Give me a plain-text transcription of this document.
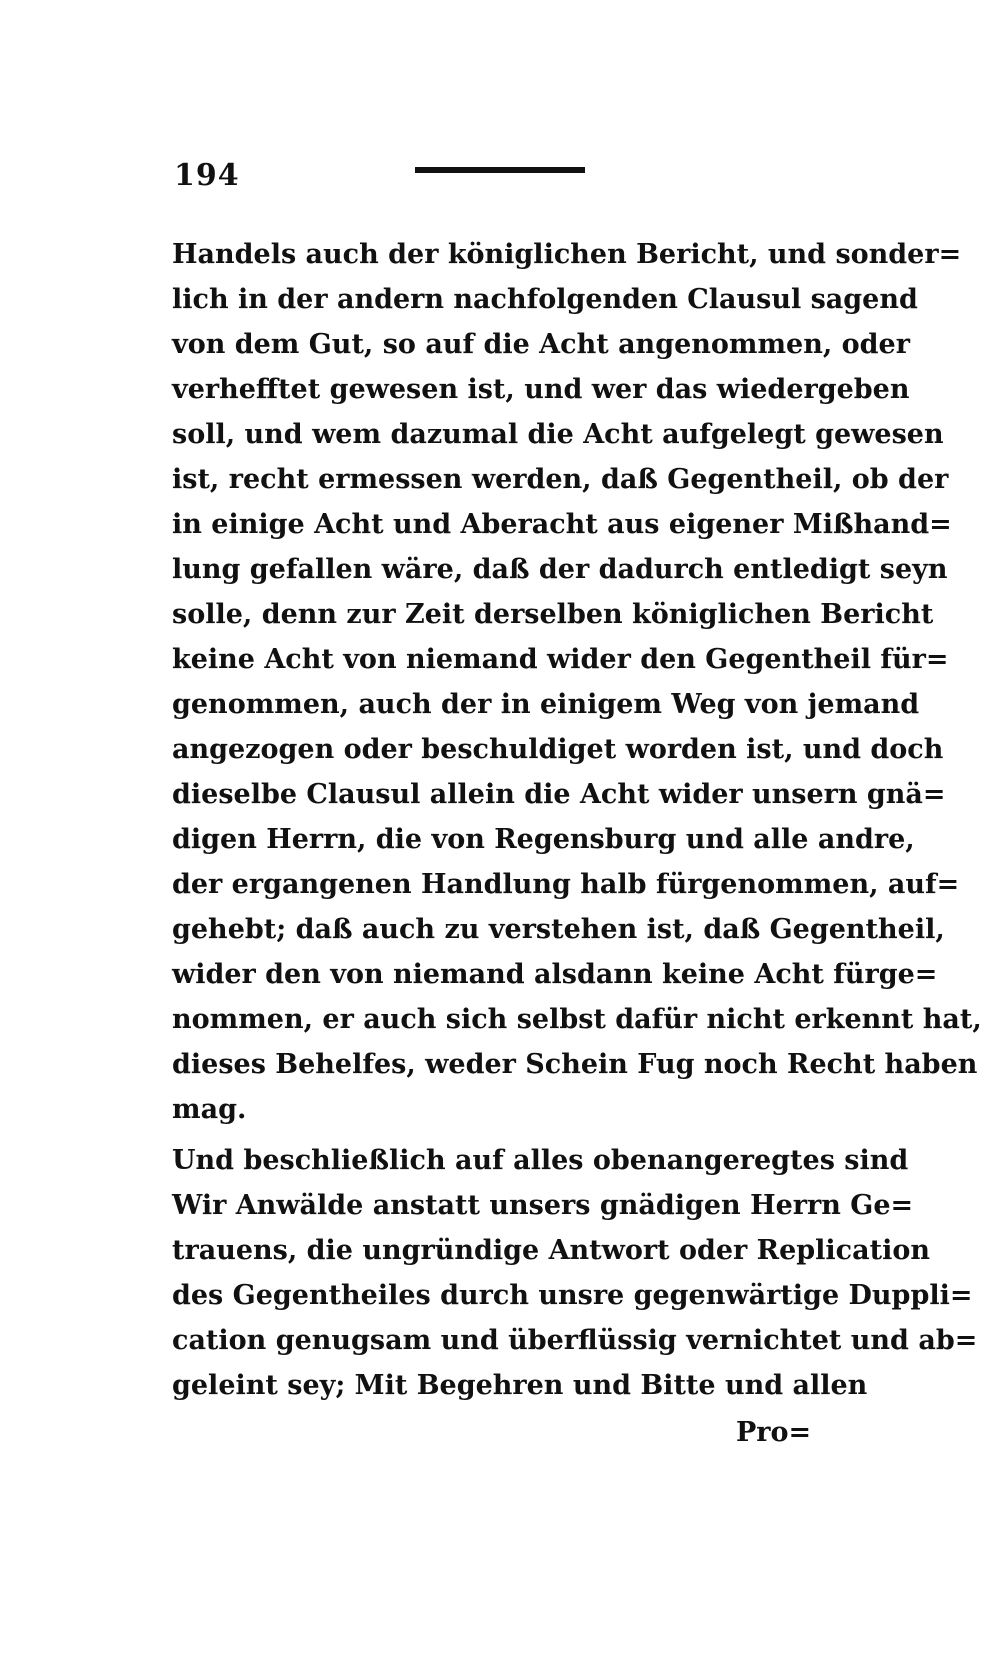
194
Handels auch der königlichen Bericht, und sonder=
lich in der andern nachfolgenden Clausul sagend
von dem Gut, so auf die Acht angenommen, oder
verhefftet gewesen ist, und wer das wiedergeben
soll, und wem dazumal die Acht aufgelegt gewesen
ist, recht ermessen werden, daß Gegentheil, ob der
in einige Acht und Aberacht aus eigener Mißhand=
lung gefallen wäre, daß der dadurch entledigt seyn
solle, denn zur Zeit derselben königlichen Bericht
keine Acht von niemand wider den Gegentheil für=
genommen, auch der in einigem Weg von jemand
angezogen oder beschuldiget worden ist, und doch
dieselbe Clausul allein die Acht wider unsern gnä=
digen Herrn, die von Regensburg und alle andre,
der ergangenen Handlung halb fürgenommen, auf=
gehebt; daß auch zu verstehen ist, daß Gegentheil,
wider den von niemand alsdann keine Acht fürge=
nommen, er auch sich selbst dafür nicht erkennt hat,
dieses Behelfes, weder Schein Fug noch Recht haben
mag.
Und beschließlich auf alles obenangeregtes sind
Wir Anwälde anstatt unsers gnädigen Herrn Ge=
trauens, die ungründige Antwort oder Replication
des Gegentheiles durch unsre gegenwärtige Duppli=
cation genugsam und überflüssig vernichtet und ab=
geleint sey; Mit Begehren und Bitte und allen
Pro=
